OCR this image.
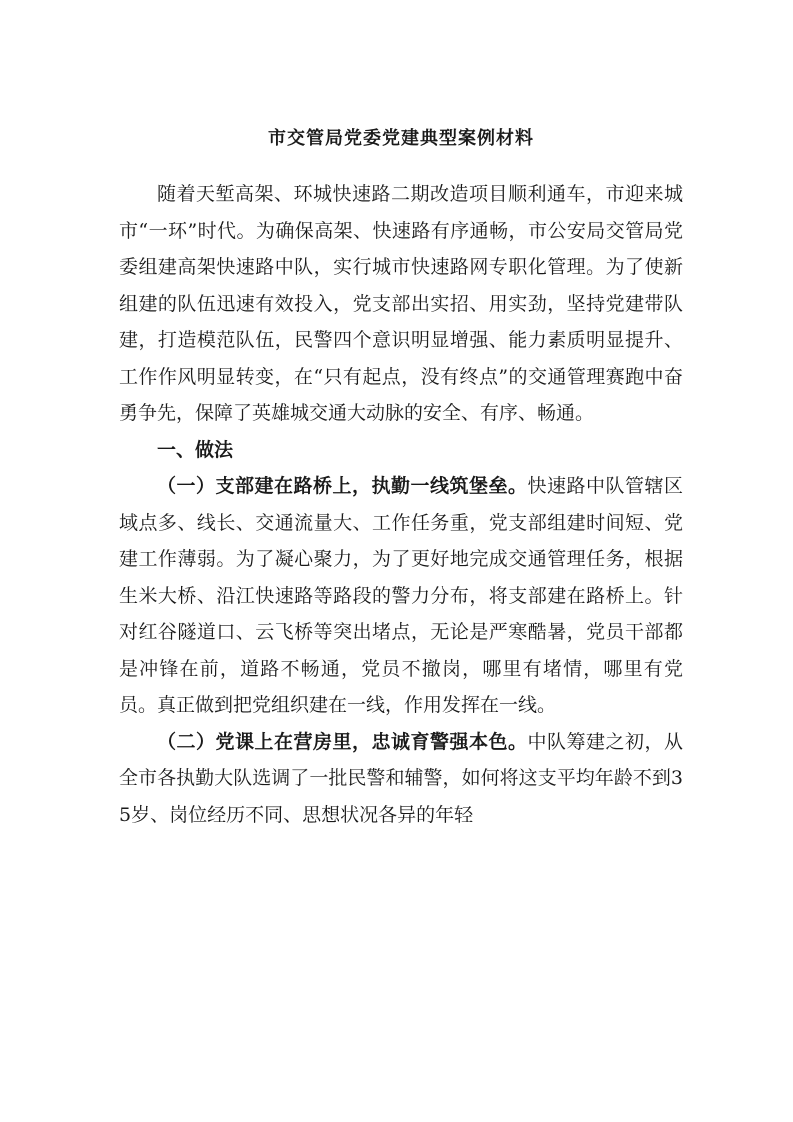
市交管局党委党建典型案例材料

随着天堑高架、环城快速路二期改造项目顺利通车，市迎来城市“一环”时代。为确保高架、快速路有序通畅，市公安局交管局党委组建高架快速路中队，实行城市快速路网专职化管理。为了使新组建的队伍迅速有效投入，党支部出实招、用实劲，坚持党建带队建，打造模范队伍，民警四个意识明显增强、能力素质明显提升、工作作风明显转变，在“只有起点，没有终点”的交通管理赛跑中奋勇争先，保障了英雄城交通大动脉的安全、有序、畅通。

一、做法

（一）支部建在路桥上，执勤一线筑堡垒。快速路中队管辖区域点多、线长、交通流量大、工作任务重，党支部组建时间短、党建工作薄弱。为了凝心聚力，为了更好地完成交通管理任务，根据生米大桥、沿江快速路等路段的警力分布，将支部建在路桥上。针对红谷隧道口、云飞桥等突出堵点，无论是严寒酷暑，党员干部都是冲锋在前，道路不畅通，党员不撤岗，哪里有堵情，哪里有党员。真正做到把党组织建在一线，作用发挥在一线。

（二）党课上在营房里，忠诚育警强本色。中队筹建之初，从全市各执勤大队选调了一批民警和辅警，如何将这支平均年龄不到35岁、岗位经历不同、思想状况各异的年轻
